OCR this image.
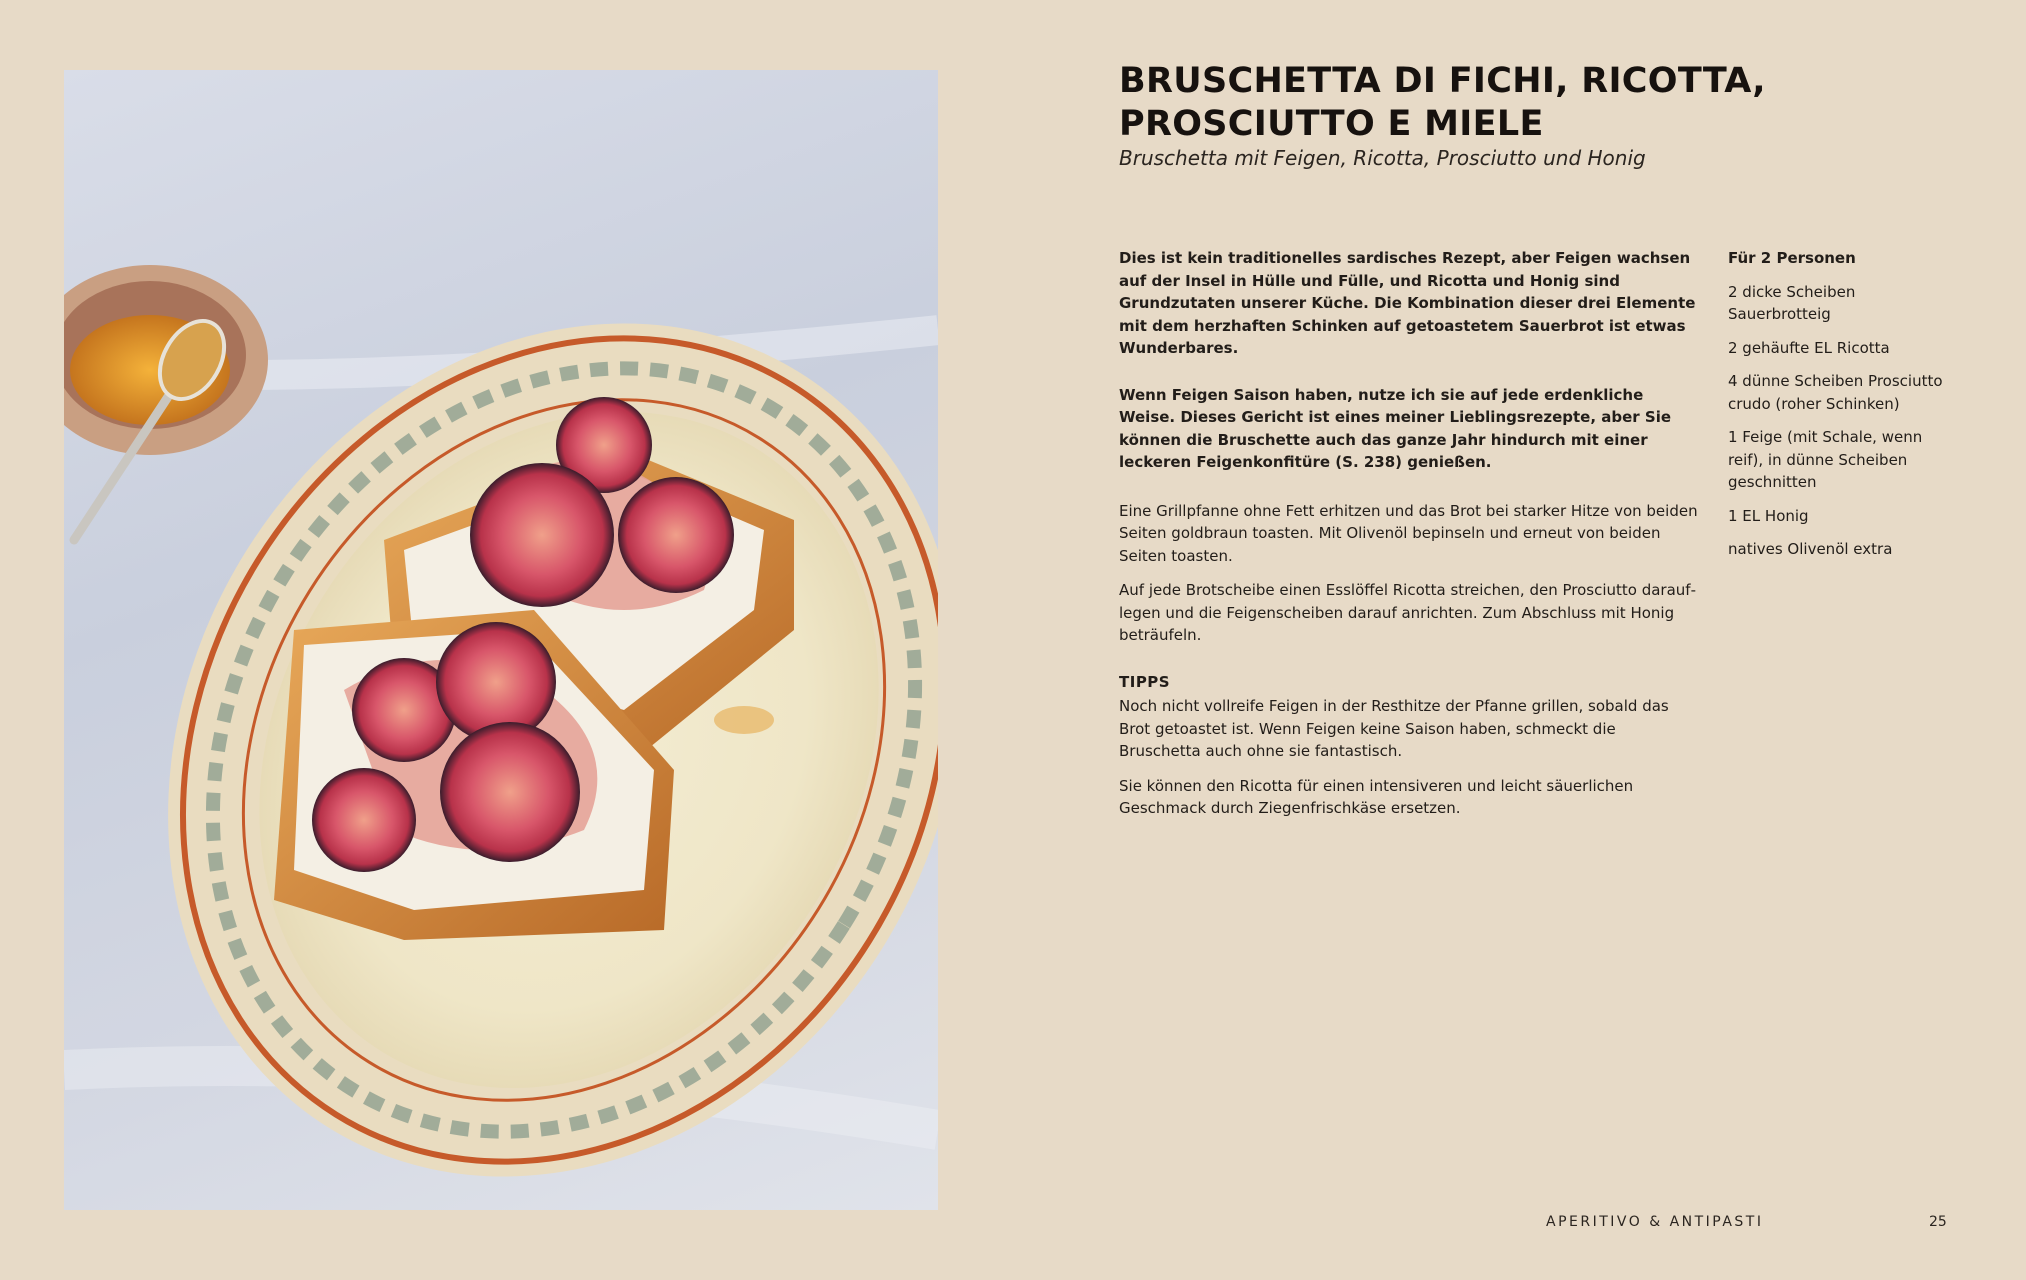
BRUSCHETTA DI FICHI, RICOTTA,
PROSCIUTTO E MIELE
Bruschetta mit Feigen, Ricotta, Prosciutto und Honig

Dies ist kein traditionelles sardisches Rezept, aber Feigen wachsen auf der Insel in Hülle und Fülle, und Ricotta und Honig sind Grundzutaten unserer Küche. Die Kombination dieser drei Elemente mit dem herzhaften Schinken auf getoastetem Sauerbrot ist etwas Wunderbares.

Wenn Feigen Saison haben, nutze ich sie auf jede erdenkliche Weise. Dieses Gericht ist eines meiner Lieblingsrezepte, aber Sie können die Bruschette auch das ganze Jahr hindurch mit einer leckeren Feigenkonfitüre (S. 238) genießen.

Eine Grillpfanne ohne Fett erhitzen und das Brot bei starker Hitze von beiden Seiten goldbraun toasten. Mit Olivenöl bepinseln und erneut von beiden Seiten toasten.

Auf jede Brotscheibe einen Esslöffel Ricotta streichen, den Prosciutto darauflegen und die Feigenscheiben darauf anrichten. Zum Abschluss mit Honig beträufeln.

TIPPS

Noch nicht vollreife Feigen in der Resthitze der Pfanne grillen, sobald das Brot getoastet ist. Wenn Feigen keine Saison haben, schmeckt die Bruschetta auch ohne sie fantastisch.

Sie können den Ricotta für einen intensiveren und leicht säuerlichen Geschmack durch Ziegenfrischkäse ersetzen.

Für 2 Personen
2 dicke Scheiben Sauerbrotteig
2 gehäufte EL Ricotta
4 dünne Scheiben Prosciutto crudo (roher Schinken)
1 Feige (mit Schale, wenn reif), in dünne Scheiben geschnitten
1 EL Honig
natives Olivenöl extra
APERITIVO & ANTIPASTI	25
